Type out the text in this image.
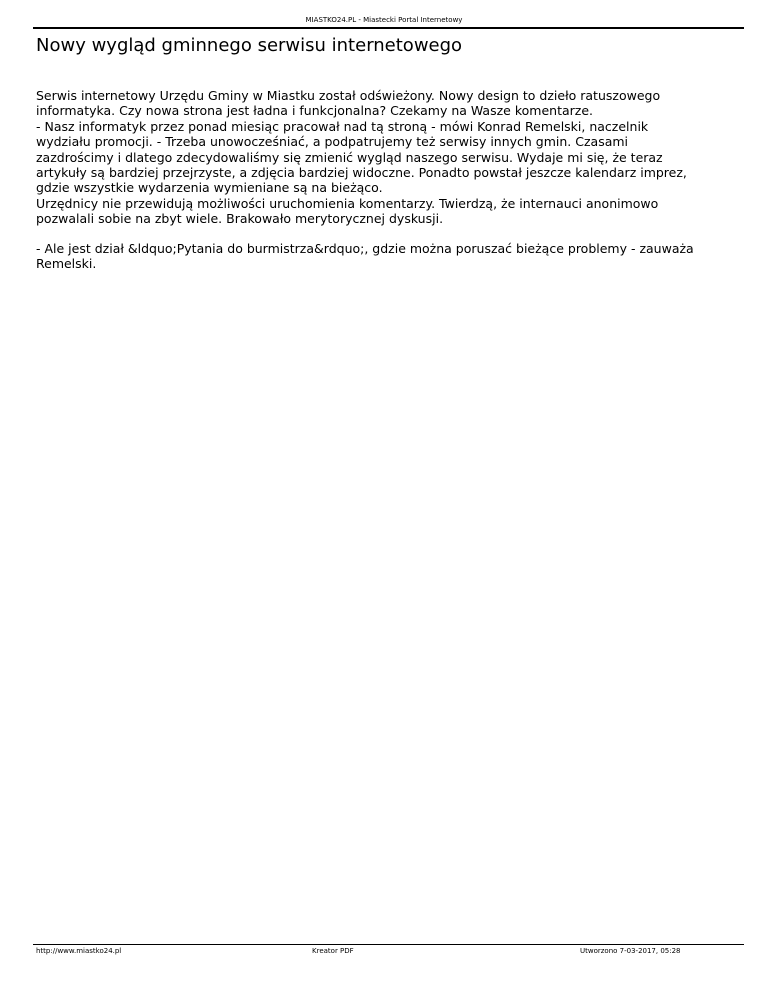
MIASTKO24.PL - Miastecki Portal Internetowy
Nowy wygląd gminnego serwisu internetowego

Serwis internetowy Urzędu Gminy w Miastku został odświeżony. Nowy design to dzieło ratuszowego

informatyka. Czy nowa strona jest ładna i funkcjonalna? Czekamy na Wasze komentarze.

- Nasz informatyk przez ponad miesiąc pracował nad tą stroną - mówi Konrad Remelski, naczelnik

wydziału promocji. - Trzeba unowocześniać, a podpatrujemy też serwisy innych gmin. Czasami

zazdrościmy i dlatego zdecydowaliśmy się zmienić wygląd naszego serwisu. Wydaje mi się, że teraz

artykuły są bardziej przejrzyste, a zdjęcia bardziej widoczne. Ponadto powstał jeszcze kalendarz imprez,

gdzie wszystkie wydarzenia wymieniane są na bieżąco.

Urzędnicy nie przewidują możliwości uruchomienia komentarzy. Twierdzą, że internauci anonimowo

pozwalali sobie na zbyt wiele. Brakowało merytorycznej dyskusji.

- Ale jest dział &ldquo;Pytania do burmistrza&rdquo;, gdzie można poruszać bieżące problemy - zauważa

Remelski.

http://www.miastko24.pl	Kreator PDF	Utworzono 7-03-2017, 05:28
